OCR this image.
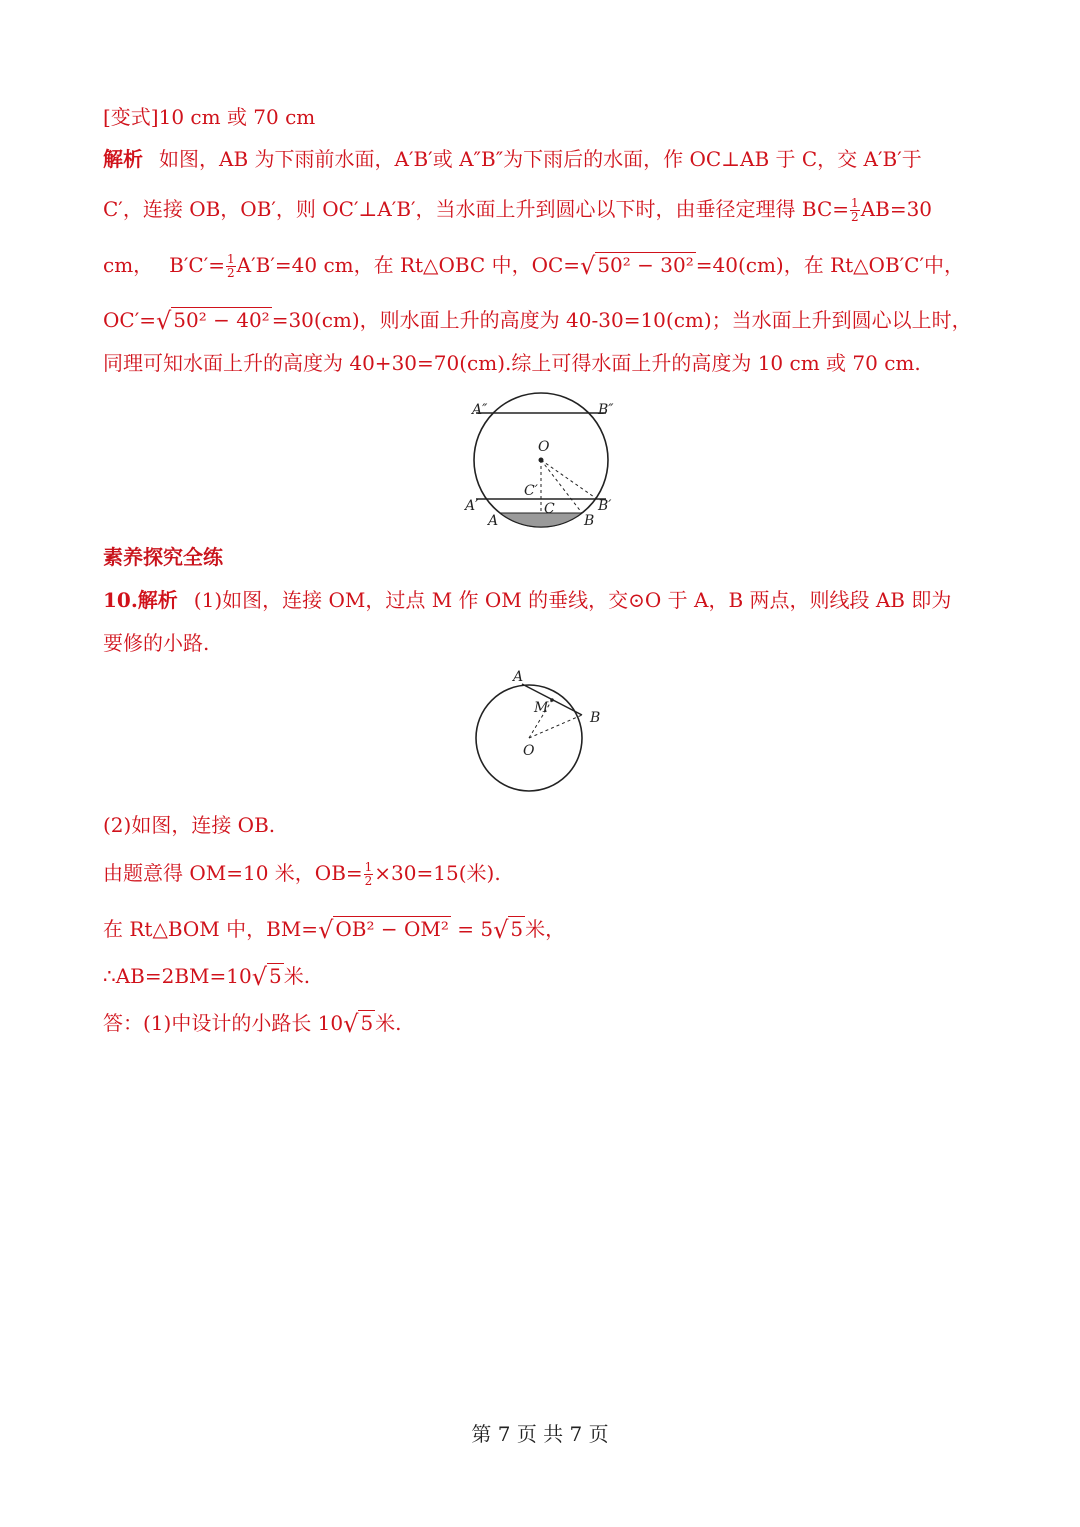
[变式]10 cm 或 70 cm
解析 如图，AB 为下雨前水面，A′B′或 A″B″为下雨后的水面，作 OC⊥AB 于 C，交 A′B′于
C′，连接 OB，OB′，则 OC′⊥A′B′，当水面上升到圆心以下时，由垂径定理得 $BC= \frac{1}{2} AB=30$
cm， $B'C'= \frac{1}{2} A'B'=40$ cm，在 Rt△OBC 中，OC=√ 50² − 30² =40(cm)，在 Rt△OB′C′中，
OC′=√ 50² − 40² =30(cm)，则水面上升的高度为 40-30=10(cm)；当水面上升到圆心以上时，
同理可知水面上升的高度为 40+30=70(cm).综上可得水面上升的高度为 10 cm 或 70 cm.
A″	B″
O
C′
A′	B′
C
A	B
素养探究全练
10.解析 (1)如图，连接 OM，过点 M 作 OM 的垂线，交⊙O 于 A，B 两点，则线段 AB 即为
要修的小路.
A
M
B
O
(2)如图，连接 OB.
由题意得 OM=10 米，$OB= \frac{1}{2} \times 30=15$(米).
在 Rt△BOM 中，BM=√ OB² − OM² = 5√ 5 米，
∴AB=2BM=10√ 5 米.
答：(1)中设计的小路长 10√ 5 米.
第 7 页 共 7 页
